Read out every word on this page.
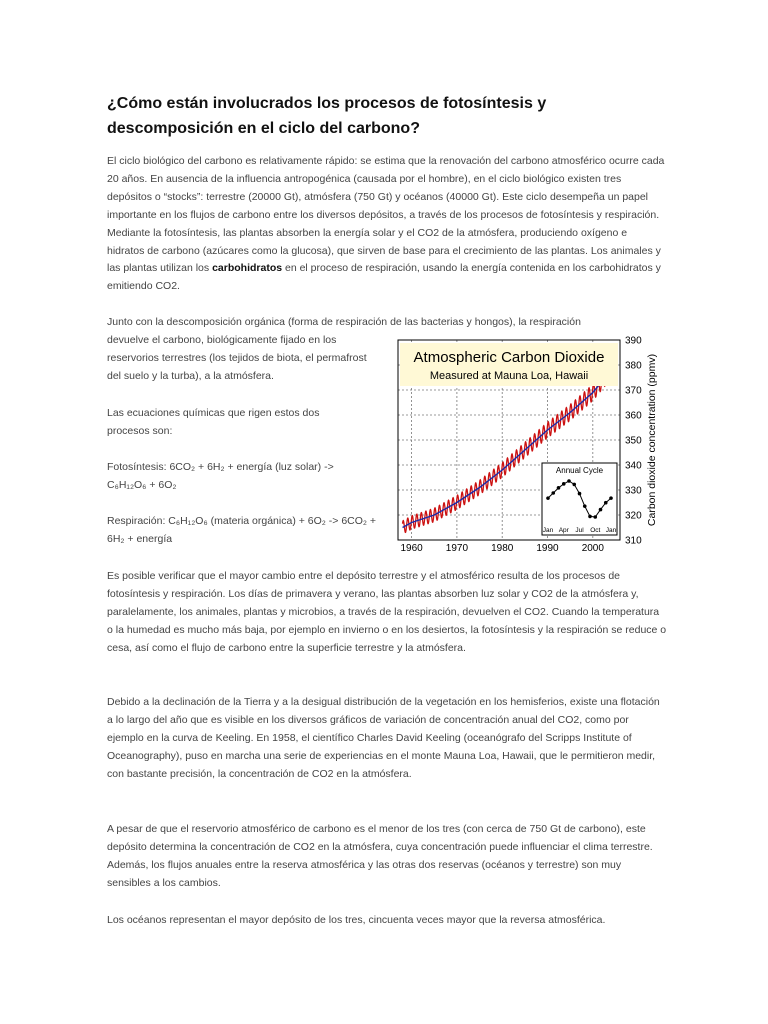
¿Cómo están involucrados los procesos de fotosíntesis y descomposición en el ciclo del carbono?

El ciclo biológico del carbono es relativamente rápido: se estima que la renovación del carbono atmosférico ocurre cada 20 años. En ausencia de la influencia antropogénica (causada por el hombre), en el ciclo biológico existen tres depósitos o “stocks”: terrestre (20000 Gt), atmósfera (750 Gt) y océanos (40000 Gt). Este ciclo desempeña un papel importante en los flujos de carbono entre los diversos depósitos, a través de los procesos de fotosíntesis y respiración. Mediante la fotosíntesis, las plantas absorben la energía solar y el CO2 de la atmósfera, produciendo oxígeno e hidratos de carbono (azúcares como la glucosa), que sirven de base para el crecimiento de las plantas. Los animales y las plantas utilizan los carbohidratos en el proceso de respiración, usando la energía contenida en los carbohidratos y emitiendo CO2.

Junto con la descomposición orgánica (forma de respiración de las bacterias y hongos), la respiración

devuelve el carbono, biológicamente fijado en los reservorios terrestres (los tejidos de biota, el permafrost del suelo y la turba), a la atmósfera.

Las ecuaciones químicas que rigen estos dos procesos son:

Fotosíntesis: 6CO₂ + 6H₂ + energía (luz solar) -> C₆H₁₂O₆ + 6O₂

Respiración: C₆H₁₂O₆ (materia orgánica) + 6O₂ -> 6CO₂ + 6H₂ + energía

Es posible verificar que el mayor cambio entre el depósito terrestre y el atmosférico resulta de los procesos de fotosíntesis y respiración. Los días de primavera y verano, las plantas absorben luz solar y CO2 de la atmósfera y, paralelamente, los animales, plantas y microbios, a través de la respiración, devuelven el CO2. Cuando la temperatura o la humedad es mucho más baja, por ejemplo en invierno o en los desiertos, la fotosíntesis y la respiración se reduce o cesa, así como el flujo de carbono entre la superficie terrestre y la atmósfera.

Debido a la declinación de la Tierra y a la desigual distribución de la vegetación en los hemisferios, existe una flotación a lo largo del año que es visible en los diversos gráficos de variación de concentración anual del CO2, como por ejemplo en la curva de Keeling. En 1958, el científico Charles David Keeling (oceanógrafo del Scripps Institute of Oceanography), puso en marcha una serie de experiencias en el monte Mauna Loa, Hawaii, que le permitieron medir, con bastante precisión, la concentración de CO2 en la atmósfera.

A pesar de que el reservorio atmosférico de carbono es el menor de los tres (con cerca de 750 Gt de carbono), este depósito determina la concentración de CO2 en la atmósfera, cuya concentración puede influenciar el clima terrestre. Además, los flujos anuales entre la reserva atmosférica y las otras dos reservas (océanos y terrestre) son muy sensibles a los cambios.

Los océanos representan el mayor depósito de los tres, cincuenta veces mayor que la reversa atmosférica.

Atmospheric Carbon Dioxide
Measured at Mauna Loa, Hawaii
Annual Cycle
Jan Apr Jul Oct Jan
1960 1970 1980 1990 2000
310
320
330
340
350
360
370
380
390
Carbon dioxide concentration (ppmv)
